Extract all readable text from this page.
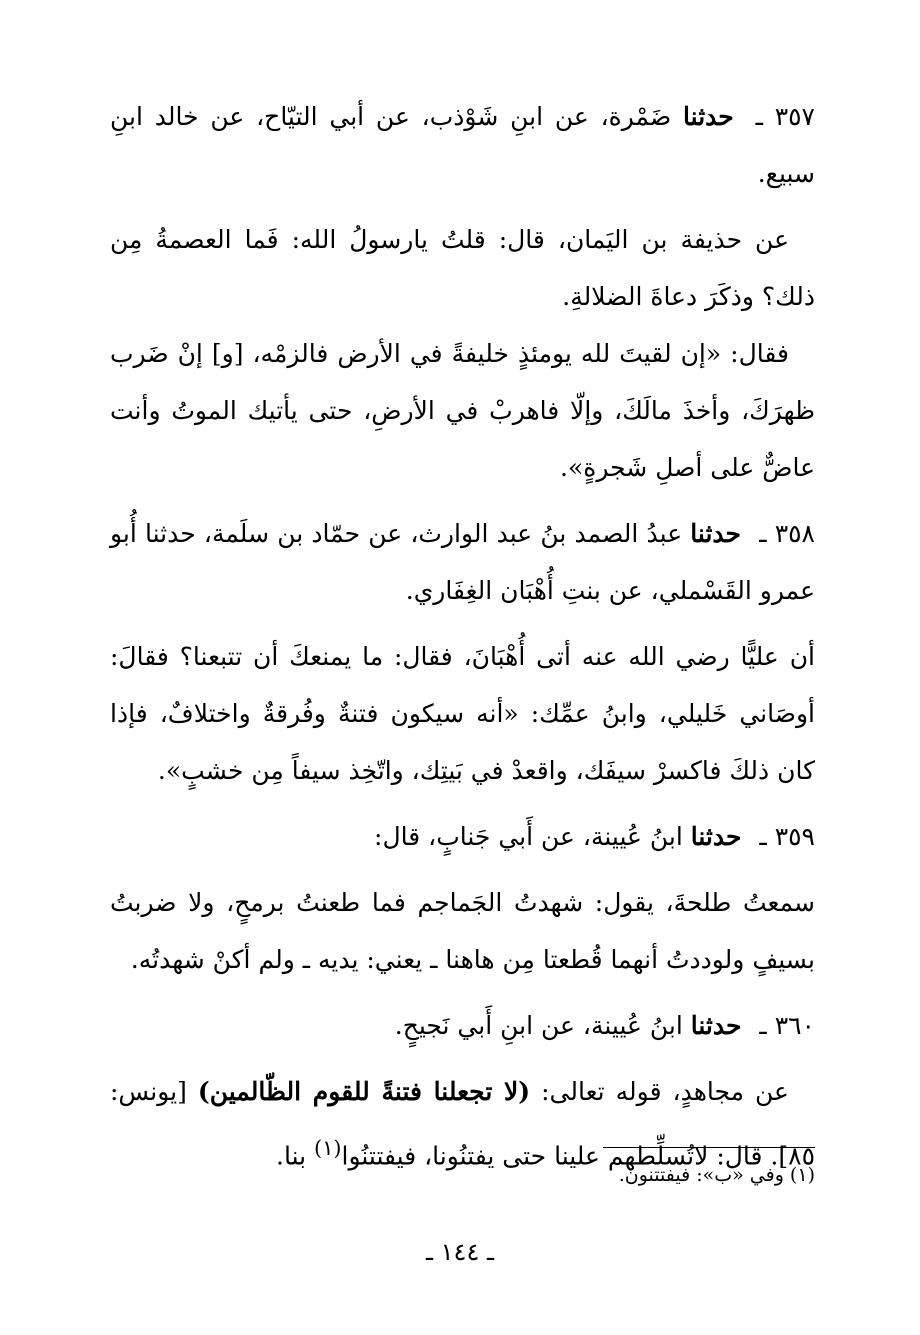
٣٥٧ ـ حدثنا ضَمْرة، عن ابنِ شَوْذب، عن أبي التيّاح، عن خالد ابنِ سبيع.

عن حذيفة بن اليَمان، قال: قلتُ يارسولُ الله: فَما العصمةُ مِن ذلك؟ وذكَرَ دعاةَ الضلالةِ.

فقال: «إن لقيتَ لله يومئذٍ خليفةً في الأرض فالزمْه، [و] إنْ ضَرب ظهرَكَ، وأخذَ مالَكَ، وإلّا فاهربْ في الأرضِ، حتى يأتيك الموتُ وأنت عاضٌّ على أصلِ شَجرةٍ».

٣٥٨ ـ حدثنا عبدُ الصمد بنُ عبد الوارث، عن حمّاد بن سلَمة، حدثنا أُبو عمرو القَسْملي، عن بنتِ أُهْبَان الغِفَاري.

أن عليًّا رضي الله عنه أتى أُهْبَانَ، فقال: ما يمنعكَ أن تتبعنا؟ فقالَ: أوصَاني خَليلي، وابنُ عمِّك: «أنه سيكون فتنةٌ وفُرقةٌ واختلافٌ، فإذا كان ذلكَ فاكسرْ سيفَك، واقعدْ في بَيتِك، واتّخِذ سيفاً مِن خشبٍ».

٣٥٩ ـ حدثنا ابنُ عُيينة، عن أَبي جَنابٍ، قال:

سمعتُ طلحةَ، يقول: شهدتُ الجَماجم فما طعنتُ برمحٍ، ولا ضربتُ بسيفٍ ولوددتُ أنهما قُطعتا مِن هاهنا ـ يعني: يديه ـ ولم أكنْ شهدتُه.

٣٦٠ ـ حدثنا ابنُ عُيينة، عن ابنِ أَبي نَجيحٍ.

عن مجاهدٍ، قوله تعالى: (لا تجعلنا فتنةً للقوم الظّالمين) [يونس: ٨٥]. قال: لاتُسلِّطهم علينا حتى يفتنُونا، فيفتتنُوا$^{(١)}$ بنا.

(١) وفي «ب»: فيفتتنون.
ـ ١٤٤ ـ
